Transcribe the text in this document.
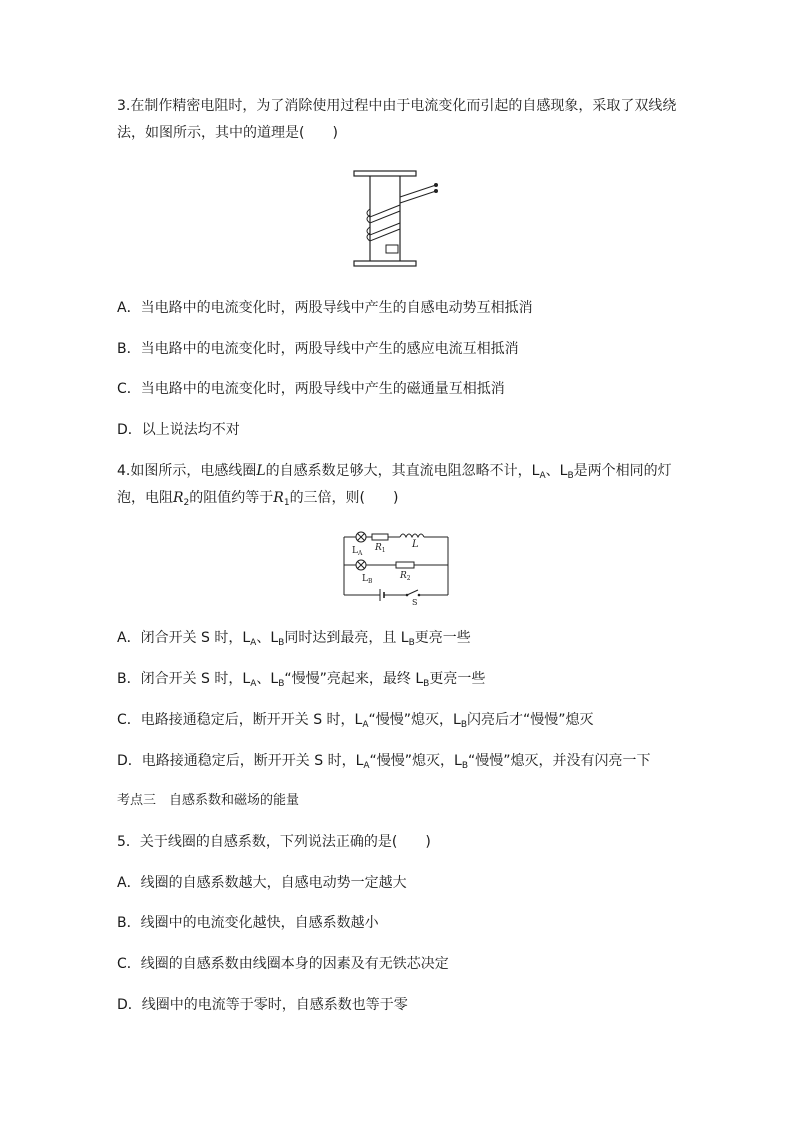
3.在制作精密电阻时，为了消除使用过程中由于电流变化而引起的自感现象，采取了双线绕
法，如图所示，其中的道理是(　　)
A．当电路中的电流变化时，两股导线中产生的自感电动势互相抵消
B．当电路中的电流变化时，两股导线中产生的感应电流互相抵消
C．当电路中的电流变化时，两股导线中产生的磁通量互相抵消
D．以上说法均不对
4.如图所示，电感线圈L的自感系数足够大，其直流电阻忽略不计，$L_A$、$L_B$是两个相同的灯
泡，电阻$R_2$的阻值约等于$R_1$的三倍，则(　　)
$L_A$
$R_1$
L
$L_B$
$R_2$
S
A．闭合开关 S 时，$L_A$、$L_B$同时达到最亮，且 $L_B$更亮一些
B．闭合开关 S 时，$L_A$、$L_B“$慢慢”亮起来，最终 $L_B$更亮一些
C．电路接通稳定后，断开开关 S 时，$L_A“$慢慢”熄灭，$L_B$闪亮后才“慢慢”熄灭
D．电路接通稳定后，断开开关 S 时，$L_A“$慢慢”熄灭，$L_B“$慢慢”熄灭，并没有闪亮一下
考点三　自感系数和磁场的能量
5．关于线圈的自感系数，下列说法正确的是(　　)
A．线圈的自感系数越大，自感电动势一定越大
B．线圈中的电流变化越快，自感系数越小
C．线圈的自感系数由线圈本身的因素及有无铁芯决定
D．线圈中的电流等于零时，自感系数也等于零
